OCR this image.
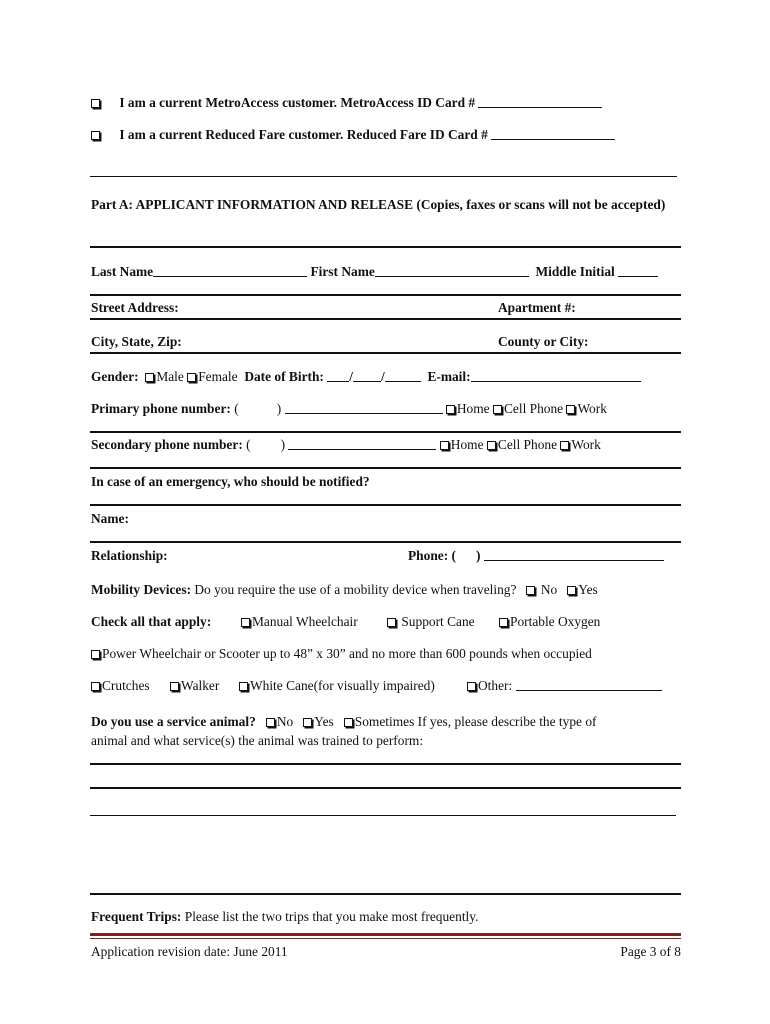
I am a current MetroAccess customer. MetroAccess ID Card #
I am a current Reduced Fare customer. Reduced Fare ID Card #
Part A: APPLICANT INFORMATION AND RELEASE (Copies, faxes or scans will not be accepted)
Last Name	First Name	Middle Initial
Street Address:	Apartment #:
City, State, Zip:	County or City:
Gender: Male Female Date of Birth: / /	E-mail:
Primary phone number: (	)	Home Cell Phone Work
Secondary phone number: ( )	Home Cell Phone Work
In case of an emergency, who should be notified?
Name:
Relationship:	Phone: ( )
Mobility Devices: Do you require the use of a mobility device when traveling? No Yes
Check all that apply:	Manual Wheelchair	Support Cane	Portable Oxygen
Power Wheelchair or Scooter up to 48” x 30” and no more than 600 pounds when occupied
Crutches	Walker	White Cane(for visually impaired)	Other:
Do you use a service animal? No Yes Sometimes If yes, please describe the type of
animal and what service(s) the animal was trained to perform:
Frequent Trips: Please list the two trips that you make most frequently.
Application revision date: June 2011	Page 3 of 8
